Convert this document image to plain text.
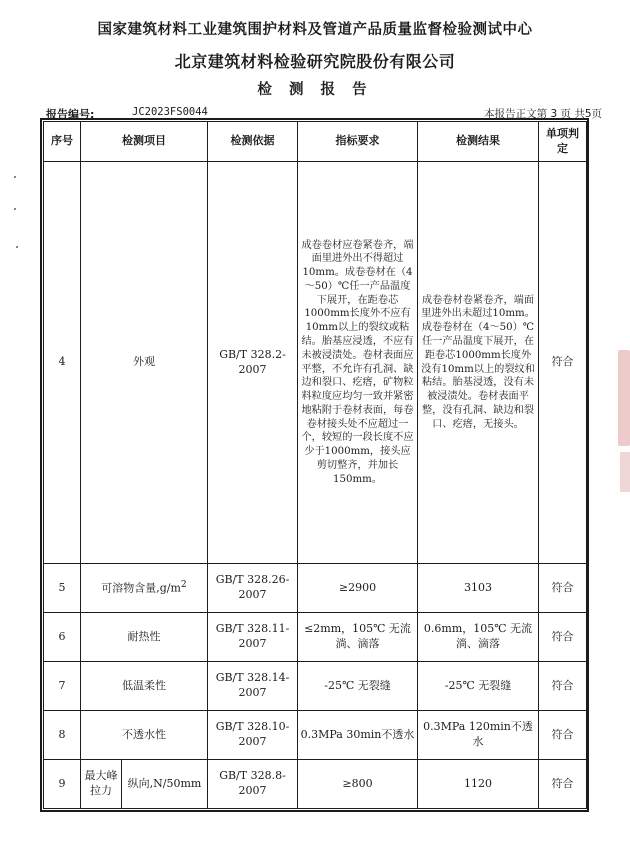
国家建筑材料工业建筑围护材料及管道产品质量监督检验测试中心
北京建筑材料检验研究院股份有限公司
检 测 报 告
报告编号:	JC2023FS0044	本报告正文第 3 页 共5页
序号	检测项目		检测依据	指标要求	检测结果	单项判定
4	外观		GB/T 328.2-2007	成卷卷材应卷紧卷齐，端面里进外出不得超过10mm。成卷卷材在（4～50）℃任一产品温度下展开，在距卷芯1000mm长度外不应有10mm以上的裂纹或粘结。胎基应浸透，不应有未被浸渍处。卷材表面应平整，不允许有孔洞、缺边和裂口、疙瘩，矿物粒料粒度应均匀一致并紧密地粘附于卷材表面，每卷卷材接头处不应超过一个，较短的一段长度不应少于1000mm，接头应剪切整齐，并加长150mm。	成卷卷材卷紧卷齐，端面里进外出未超过10mm。成卷卷材在（4～50）℃任一产品温度下展开，在距卷芯1000mm长度外没有10mm以上的裂纹和粘结。胎基浸透，没有未被浸渍处。卷材表面平整，没有孔洞、缺边和裂口、疙瘩，无接头。	符合
5	可溶物含量$,g/m^2$		GB/T 328.26-2007	≥2900	3103	符合
6	耐热性		GB/T 328.11-2007	≤2mm，105℃ 无流淌、滴落	0.6mm，105℃ 无流淌、滴落	符合
7	低温柔性		GB/T 328.14-2007	-25℃ 无裂缝	-25℃ 无裂缝	符合
8	不透水性		GB/T 328.10-2007	0.3MPa 30min不透水	0.3MPa 120min不透水	符合
9	最大峰拉力	纵向,N/50mm	GB/T 328.8-2007	≥800	1120	符合
